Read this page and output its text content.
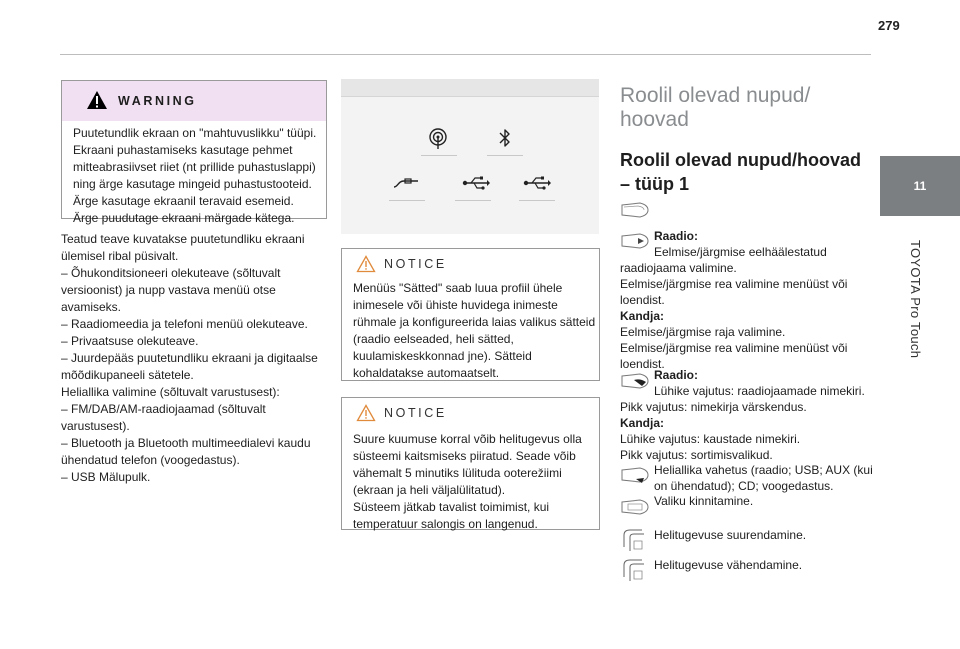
279
11
TOYOTA Pro Touch
WARNING
Puutetundlik ekraan on "mahtuvuslikku" tüüpi.
Ekraani puhastamiseks kasutage pehmet
mitteabrasiivset riiet (nt prillide puhastuslappi)
ning ärge kasutage mingeid puhastustooteid.
Ärge kasutage ekraanil teravaid esemeid.
Ärge puudutage ekraani märgade kätega.
Teatud teave kuvatakse puutetundliku ekraani
ülemisel ribal püsivalt.
– Õhukonditsioneeri olekuteave (sõltuvalt
versioonist) ja nupp vastava menüü otse
avamiseks.
– Raadiomeedia ja telefoni menüü olekuteave.
– Privaatsuse olekuteave.
– Juurdepääs puutetundliku ekraani ja digitaalse
mõõdikupaneeli sätetele.
Heliallika valimine (sõltuvalt varustusest):
– FM/DAB/AM-raadiojaamad (sõltuvalt
varustusest).
– Bluetooth ja Bluetooth multimeedialevi kaudu
ühendatud telefon (voogedastus).
– USB Mälupulk.
NOTICE
Menüüs "Sätted" saab luua profiil ühele
inimesele või ühiste huvidega inimeste
rühmale ja konfigureerida laias valikus sätteid
(raadio eelseaded, heli sätted,
kuulamiskeskkonnad jne). Sätteid
kohaldatakse automaatselt.
NOTICE
Suure kuumuse korral võib helitugevus olla
süsteemi kaitsmiseks piiratud. Seade võib
vähemalt 5 minutiks lülituda ooterežiimi
(ekraan ja heli väljalülitatud).
Süsteem jätkab tavalist toimimist, kui
temperatuur salongis on langenud.
Roolil olevad nupud/
hoovad
Roolil olevad nupud/hoovad
– tüüp 1
Raadio:
Eelmise/järgmise eelhäälestatud
raadiojaama valimine.
Eelmise/järgmise rea valimine menüüst või
loendist.
Kandja:
Eelmise/järgmise raja valimine.
Eelmise/järgmise rea valimine menüüst või
loendist.
Raadio:
Lühike vajutus: raadiojaamade nimekiri.
Pikk vajutus: nimekirja värskendus.
Kandja:
Lühike vajutus: kaustade nimekiri.
Pikk vajutus: sortimisvalikud.
Heliallika vahetus (raadio; USB; AUX (kui
on ühendatud); CD; voogedastus.
Valiku kinnitamine.
Helitugevuse suurendamine.
Helitugevuse vähendamine.
